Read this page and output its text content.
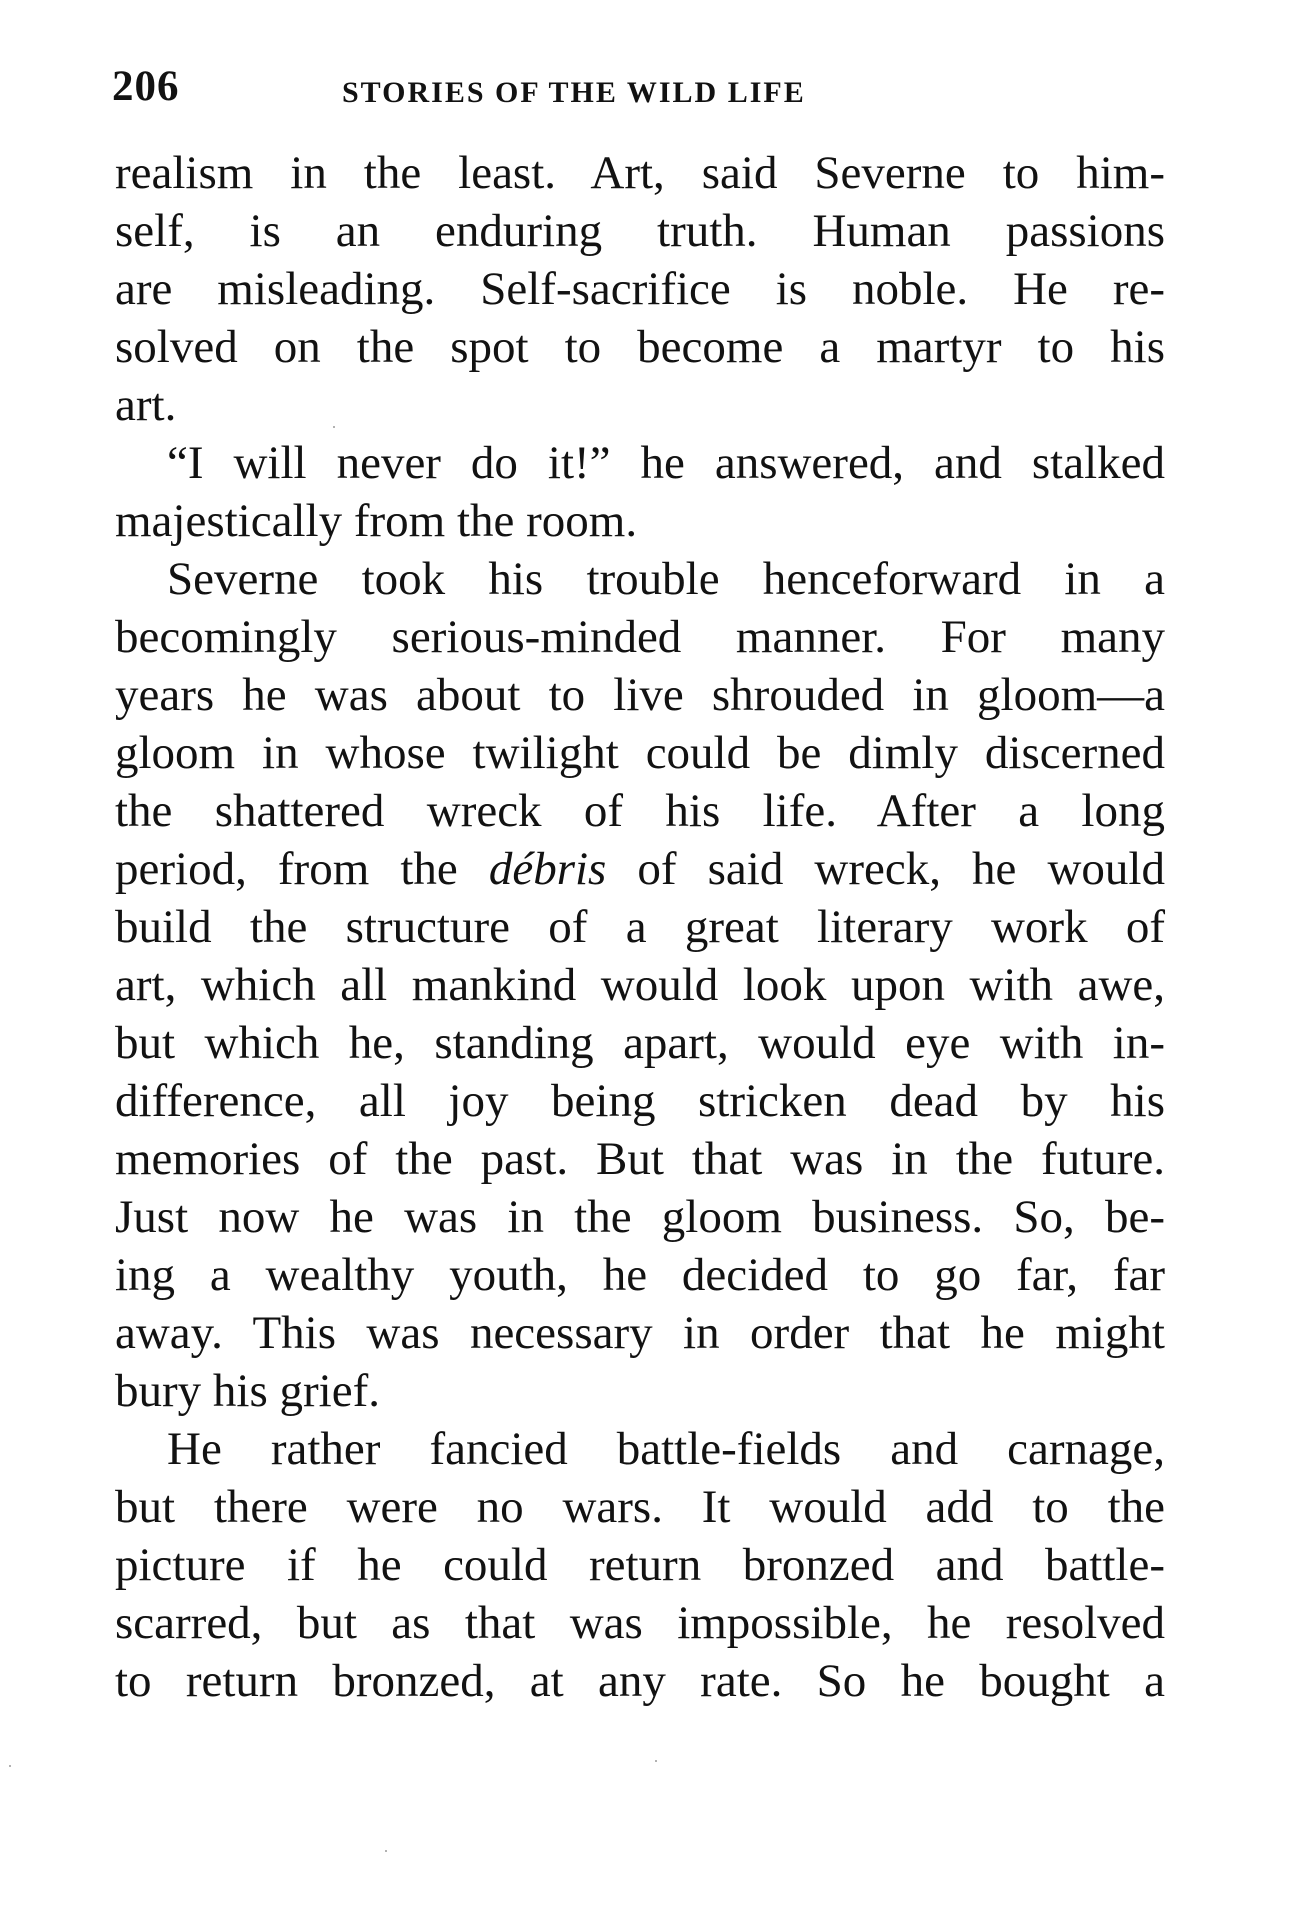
206	STORIES OF THE WILD LIFE
realism in the least. Art, said Severne to him-
self, is an enduring truth. Human passions
are misleading. Self-sacrifice is noble. He re-
solved on the spot to become a martyr to his
art.
“I will never do it!” he answered, and stalked
majestically from the room.
Severne took his trouble henceforward in a
becomingly serious-minded manner. For many
years he was about to live shrouded in gloom—a
gloom in whose twilight could be dimly discerned
the shattered wreck of his life. After a long
period, from the débris of said wreck, he would
build the structure of a great literary work of
art, which all mankind would look upon with awe,
but which he, standing apart, would eye with in-
difference, all joy being stricken dead by his
memories of the past. But that was in the future.
Just now he was in the gloom business. So, be-
ing a wealthy youth, he decided to go far, far
away. This was necessary in order that he might
bury his grief.
He rather fancied battle-fields and carnage,
but there were no wars. It would add to the
picture if he could return bronzed and battle-
scarred, but as that was impossible, he resolved
to return bronzed, at any rate. So he bought a
